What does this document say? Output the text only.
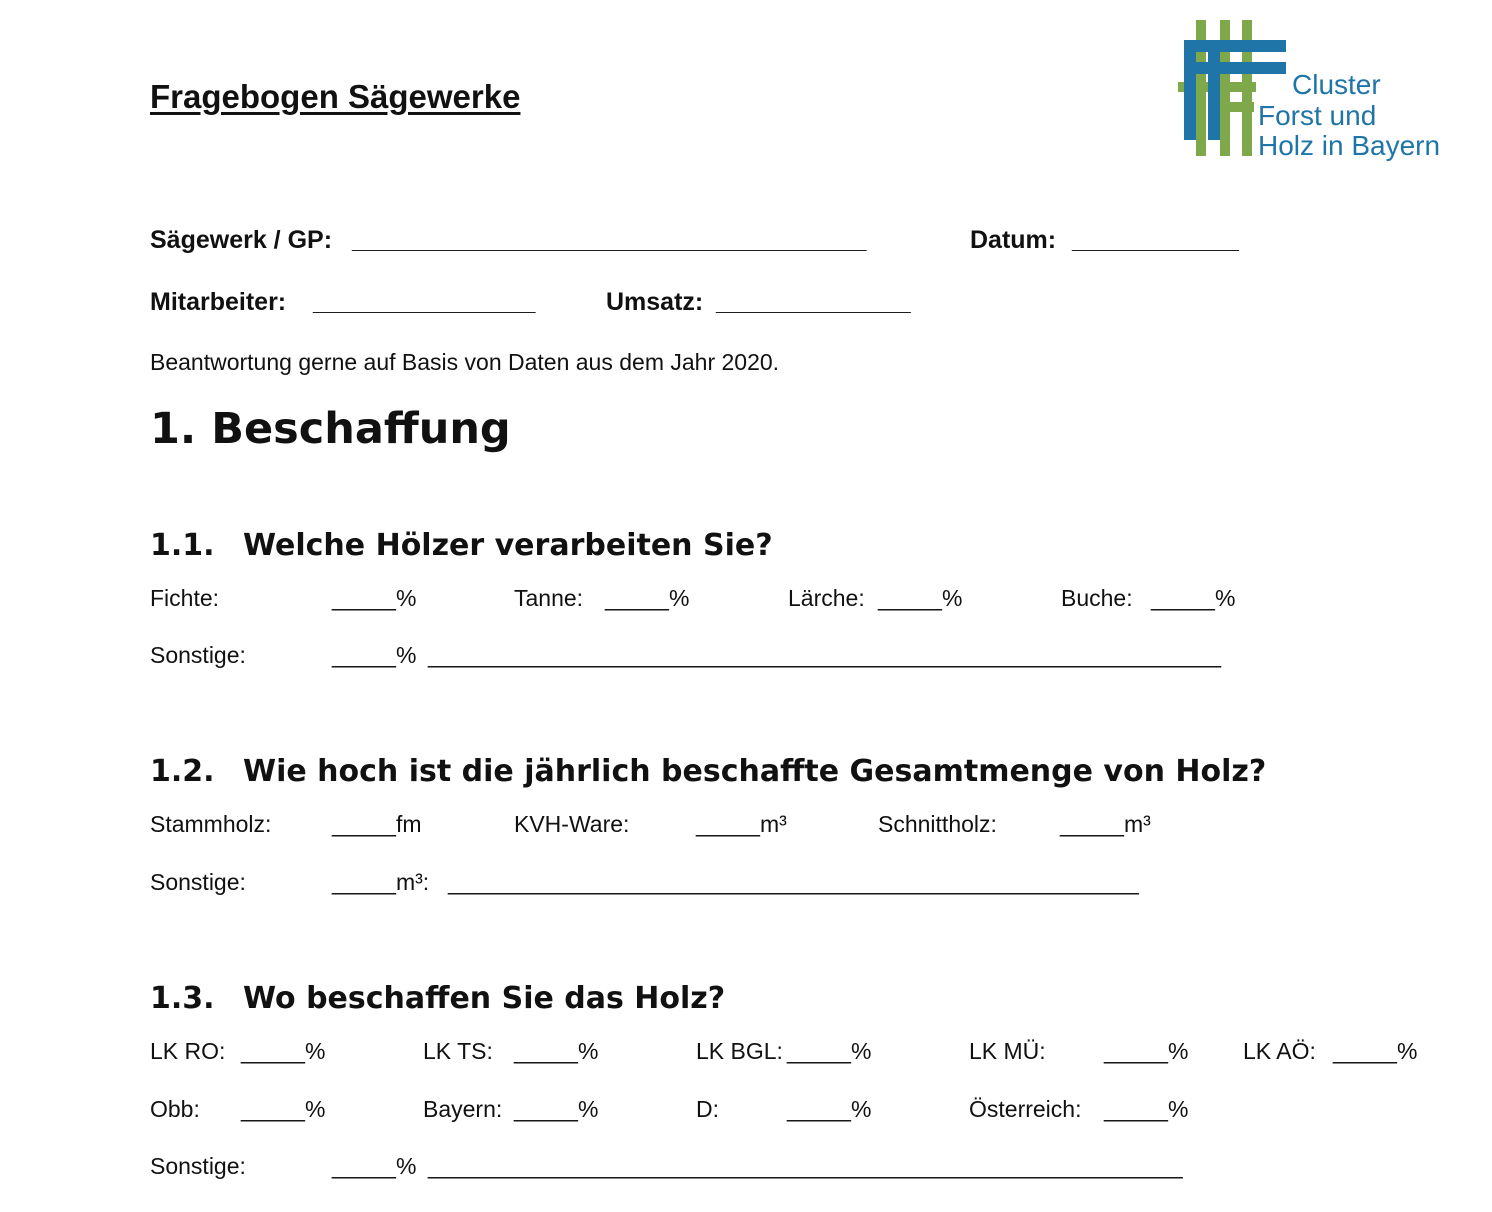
Fragebogen Sägewerke	Cluster
Forst und
Holz in Bayern
Sägewerk / GP: _____________________________________	Datum: ____________
Mitarbeiter: ________________	Umsatz: ______________
Beantwortung gerne auf Basis von Daten aus dem Jahr 2020.
1. Beschaffung
1.1. Welche Hölzer verarbeiten Sie?
Fichte:	_____%	Tanne: _____%	Lärche: _____%	Buche: _____%
Sonstige:	_____% ______________________________________________________________
1.2. Wie hoch ist die jährlich beschaffte Gesamtmenge von Holz?
Stammholz:	_____fm	KVH-Ware:	_____m³	Schnittholz:	_____m³
Sonstige:	_____m³: ______________________________________________________
1.3. Wo beschaffen Sie das Holz?
LK RO: _____%	LK TS: _____%	LK BGL: _____%	LK MÜ:	_____% LK AÖ: _____%
Obb: _____%	Bayern: _____%	D:	_____%	Österreich: _____%
Sonstige:	_____% ___________________________________________________________
